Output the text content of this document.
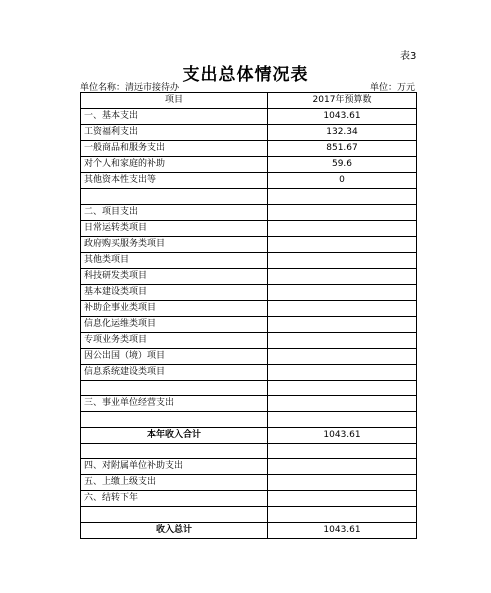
表3
支出总体情况表
单位名称：清远市接待办	单位：万元
项目	2017年预算数
一、基本支出	1043.61
工资福利支出	132.34
一般商品和服务支出	851.67
对个人和家庭的补助	59.6
其他资本性支出等	0

二、项目支出	
日常运转类项目	
政府购买服务类项目	
其他类项目	
科技研发类项目	
基本建设类项目	
补助企事业类项目	
信息化运维类项目	
专项业务类项目	
因公出国（境）项目	
信息系统建设类项目	

三、事业单位经营支出	

本年收入合计	1043.61

四、对附属单位补助支出	
五、上缴上级支出	
六、结转下年	

收入总计	1043.61
